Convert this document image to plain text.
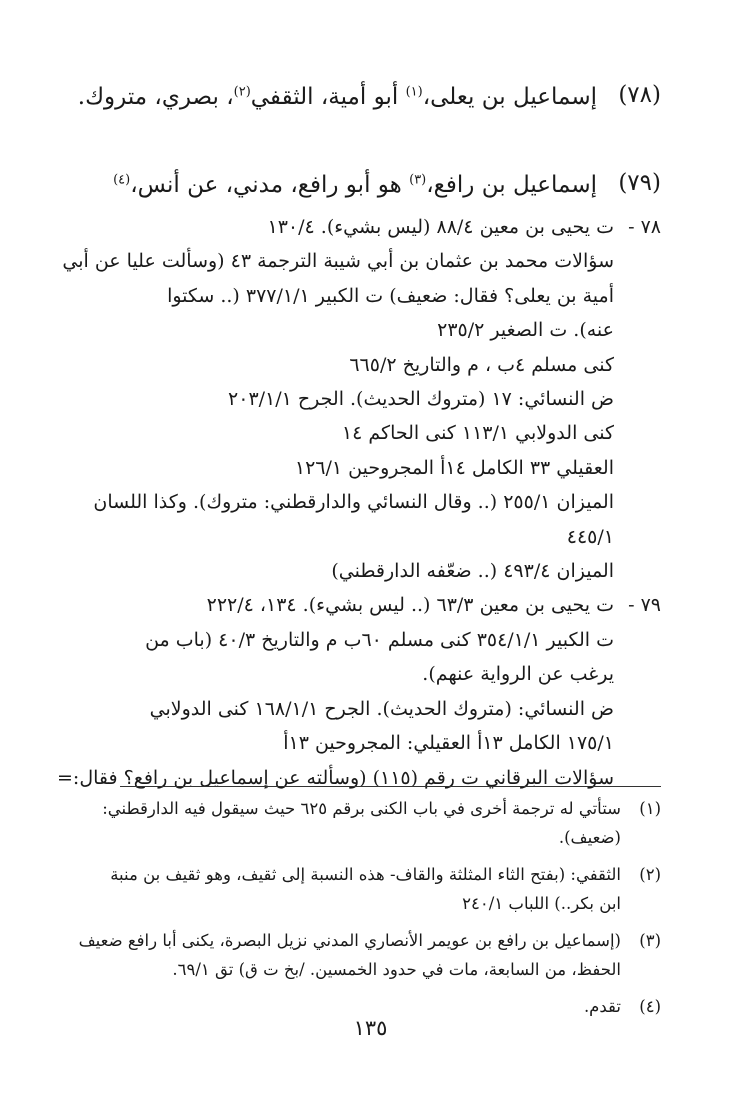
(٧٨)
إسماعيل بن يعلى،$^{(١)}$ أبو أمية، الثقفي$^{(٢)}$، بصري، متروك.
(٧٩)
إسماعيل بن رافع،$^{(٣)}$ هو أبو رافع، مدني، عن أنس،$^{(٤)}$
٧٨ -
ت يحيى بن معين ٨٨/٤ (ليس بشيء). ١٣٠/٤
سؤالات محمد بن عثمان بن أبي شيبة الترجمة ٤٣ (وسألت عليا عن أبي
أمية بن يعلى؟ فقال: ضعيف) ت الكبير ٣٧٧/١/١ (.. سكتوا
عنه). ت الصغير ٢٣٥/٢
كنى مسلم ٤ب ، م والتاريخ ٦٦٥/٢
ض النسائي: ١٧ (متروك الحديث). الجرح ٢٠٣/١/١
كنى الدولابي ١١٣/١ كنى الحاكم ١٤
العقيلي ٣٣ الكامل ١٤أ المجروحين ١٢٦/١
الميزان ٢٥٥/١ (.. وقال النسائي والدارقطني: متروك). وكذا اللسان
٤٤٥/١
الميزان ٤٩٣/٤ (.. ضعّفه الدارقطني)
٧٩ -
ت يحيى بن معين ٦٣/٣ (.. ليس بشيء). ١٣٤، ٢٢٢/٤
ت الكبير ٣٥٤/١/١ كنى مسلم ٦٠ب م والتاريخ ٤٠/٣ (باب من
يرغب عن الرواية عنهم).
ض النسائي: (متروك الحديث). الجرح ١٦٨/١/١ كنى الدولابي
١٧٥/١ الكامل ١٣أ العقيلي: المجروحين ١٣أ
سؤالات البرقاني ت رقم (١١٥) (وسألته عن إسماعيل بن رافع؟ فقال:=
(١)
ستأتي له ترجمة أخرى في باب الكنى برقم ٦٢٥ حيث سيقول فيه الدارقطني:
(ضعيف).
(٢)
الثقفي: (بفتح الثاء المثلثة والقاف- هذه النسبة إلى ثقيف، وهو ثقيف بن منبة
ابن بكر..) اللباب ٢٤٠/١
(٣)
(إسماعيل بن رافع بن عويمر الأنصاري المدني نزيل البصرة، يكنى أبا رافع ضعيف
الحفظ، من السابعة، مات في حدود الخمسين. /بخ ت ق) تق ٦٩/١.
(٤)
تقدم.
١٣٥
